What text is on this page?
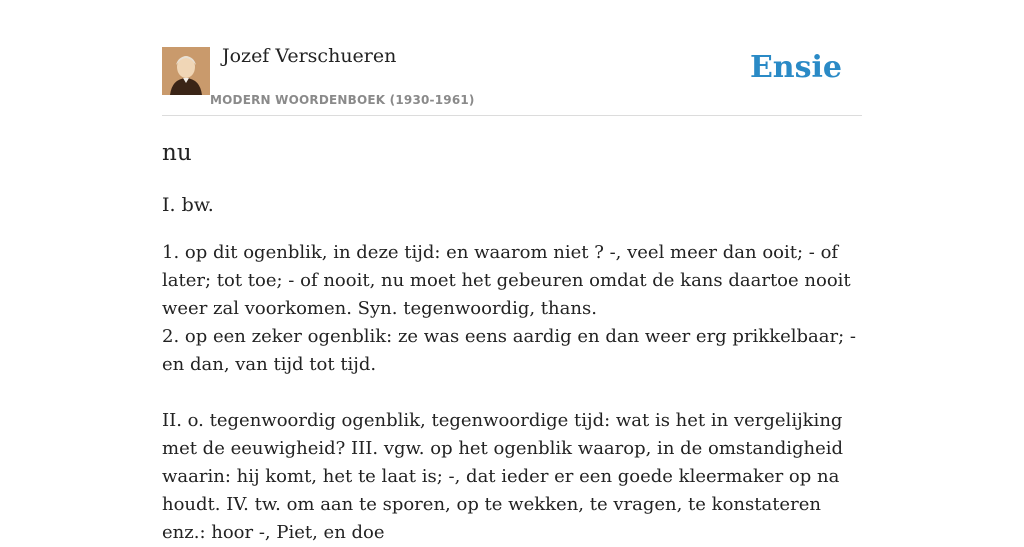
Jozef Verschueren
MODERN WOORDENBOEK (1930-1961)
Ensie
nu
I. bw.

1. op dit ogenblik, in deze tijd: en waarom niet ? -, veel meer dan ooit; - of later; tot toe; - of nooit, nu moet het gebeuren omdat de kans daartoe nooit weer zal voorkomen. Syn. tegenwoordig, thans.

2. op een zeker ogenblik: ze was eens aardig en dan weer erg prikkelbaar; - en dan, van tijd tot tijd.

II. o. tegenwoordig ogenblik, tegenwoordige tijd: wat is het in vergelijking met de eeuwigheid? III. vgw. op het ogenblik waarop, in de omstandigheid waarin: hij komt, het te laat is; -, dat ieder er een goede kleermaker op na houdt. IV. tw. om aan te sporen, op te wekken, te vragen, te konstateren enz.: hoor -, Piet, en doe
